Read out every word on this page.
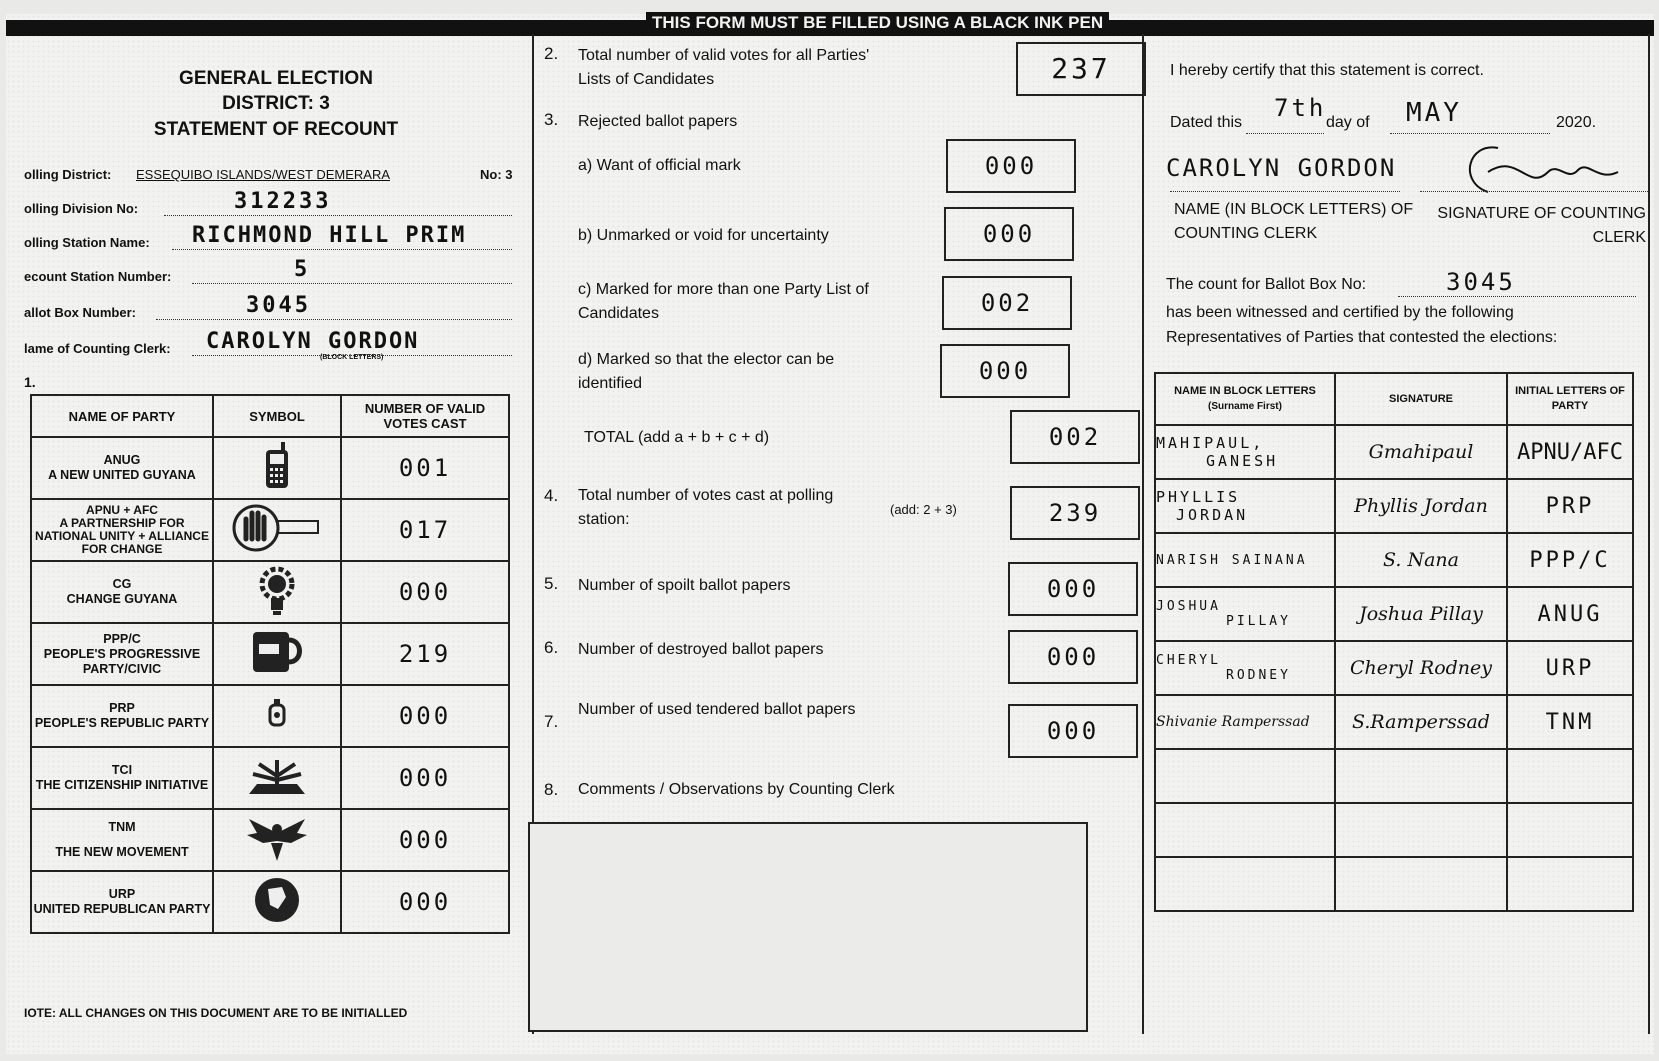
THIS FORM MUST BE FILLED USING A BLACK INK PEN
GENERAL ELECTION
DISTRICT: 3
STATEMENT OF RECOUNT
olling District: ESSEQUIBO ISLANDS/WEST DEMERARA	No: 3
olling Division No:	312233
olling Station Name: RICHMOND HILL PRIM
ecount Station Number:	5
allot Box Number:	3045
lame of Counting Clerk: CAROLYN GORDON
(BLOCK LETTERS)
1.
NAME OF PARTY	SYMBOL	NUMBER OF VALID VOTES CAST

ANUG
A NEW UNITED GUYANA		001

APNU + AFC
A PARTNERSHIP FOR NATIONAL UNITY + ALLIANCE FOR CHANGE		017

CG
CHANGE GUYANA		000

PPP/C
PEOPLE'S PROGRESSIVE PARTY/CIVIC		219

PRP
PEOPLE'S REPUBLIC PARTY		000

TCI
THE CITIZENSHIP INITIATIVE		000

TNM
THE NEW MOVEMENT		000

URP
UNITED REPUBLICAN PARTY		000
IOTE: ALL CHANGES ON THIS DOCUMENT ARE TO BE INITIALLED
2. Total number of valid votes for all Parties' Lists of Candidates	237
3. Rejected ballot papers
a) Want of official mark	000
b) Unmarked or void for uncertainty	000
c) Marked for more than one Party List of Candidates	002
d) Marked so that the elector can be identified	000
TOTAL (add a + b + c + d)	002
4. Total number of votes cast at polling station:
(add: 2 + 3)	239
5. Number of spoilt ballot papers	000
6. Number of destroyed ballot papers	000
7.
Number of used tendered ballot papers
000
8. Comments / Observations by Counting Clerk
I hereby certify that this statement is correct.
Dated this
7th
day of MAY	2020.
CAROLYN GORDON
NAME (IN BLOCK LETTERS) OF COUNTING CLERK
SIGNATURE OF COUNTING CLERK
The count for Ballot Box No:	3045
has been witnessed and certified by the following
Representatives of Parties that contested the elections:
NAME IN BLOCK LETTERS
(Surname First)	SIGNATURE	INITIAL LETTERS OF PARTY

MAHIPAUL,
GANESH	Gmahipaul	APNU/AFC

PHYLLIS
JORDAN	Phyllis Jordan	PRP

NARISH SAINANA	S. Nana	PPP/C

JOSHUA
PILLAY	Joshua Pillay	ANUG

CHERYL
RODNEY	Cheryl Rodney	URP

Shivanie Ramperssad	S.Ramperssad	TNM
